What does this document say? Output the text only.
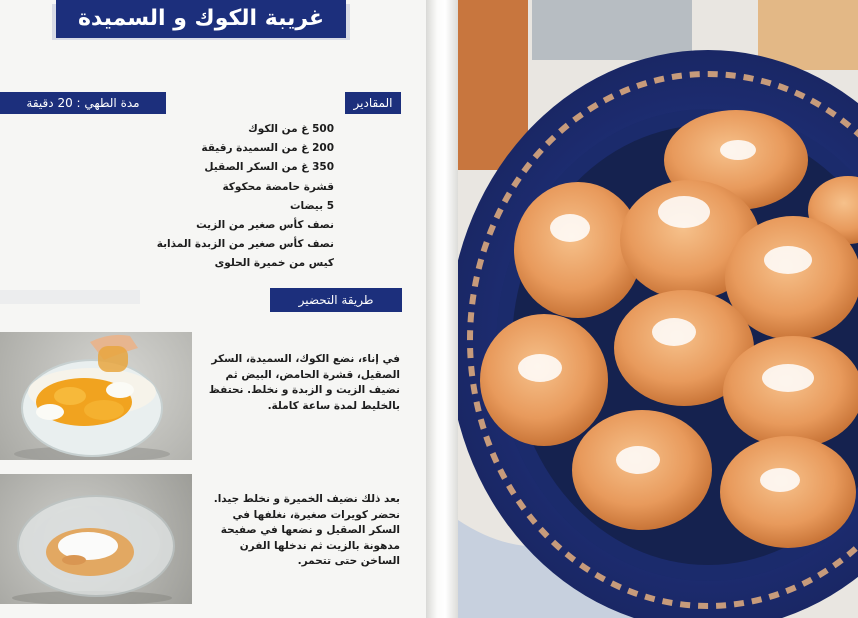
غريبة الكوك و السميدة
المقادير
مدة الطهي : 20 دقيقة
500 غ من الكوك
200 غ من السميدة رقيقة
350 غ من السكر الصقيل
قشرة حامضة محكوكة
5 بيضات
نصف كأس صغير من الزيت
نصف كأس صغير من الزبدة المذابة
كيس من خميرة الحلوى
طريقة التحضير
في إناء، نضع الكوك، السميدة، السكر الصقيل، قشرة الحامض، البيض ثم نضيف الزيت و الزبدة و نخلط. نحتفظ بالخليط لمدة ساعة كاملة.
بعد ذلك نضيف الخميرة و نخلط جيدا. نحضر كويرات صغيرة، نغلفها في السكر الصقيل و نضعها في صفيحة مدهونة بالزيت ثم ندخلها الفرن الساخن حتى تتحمر.
